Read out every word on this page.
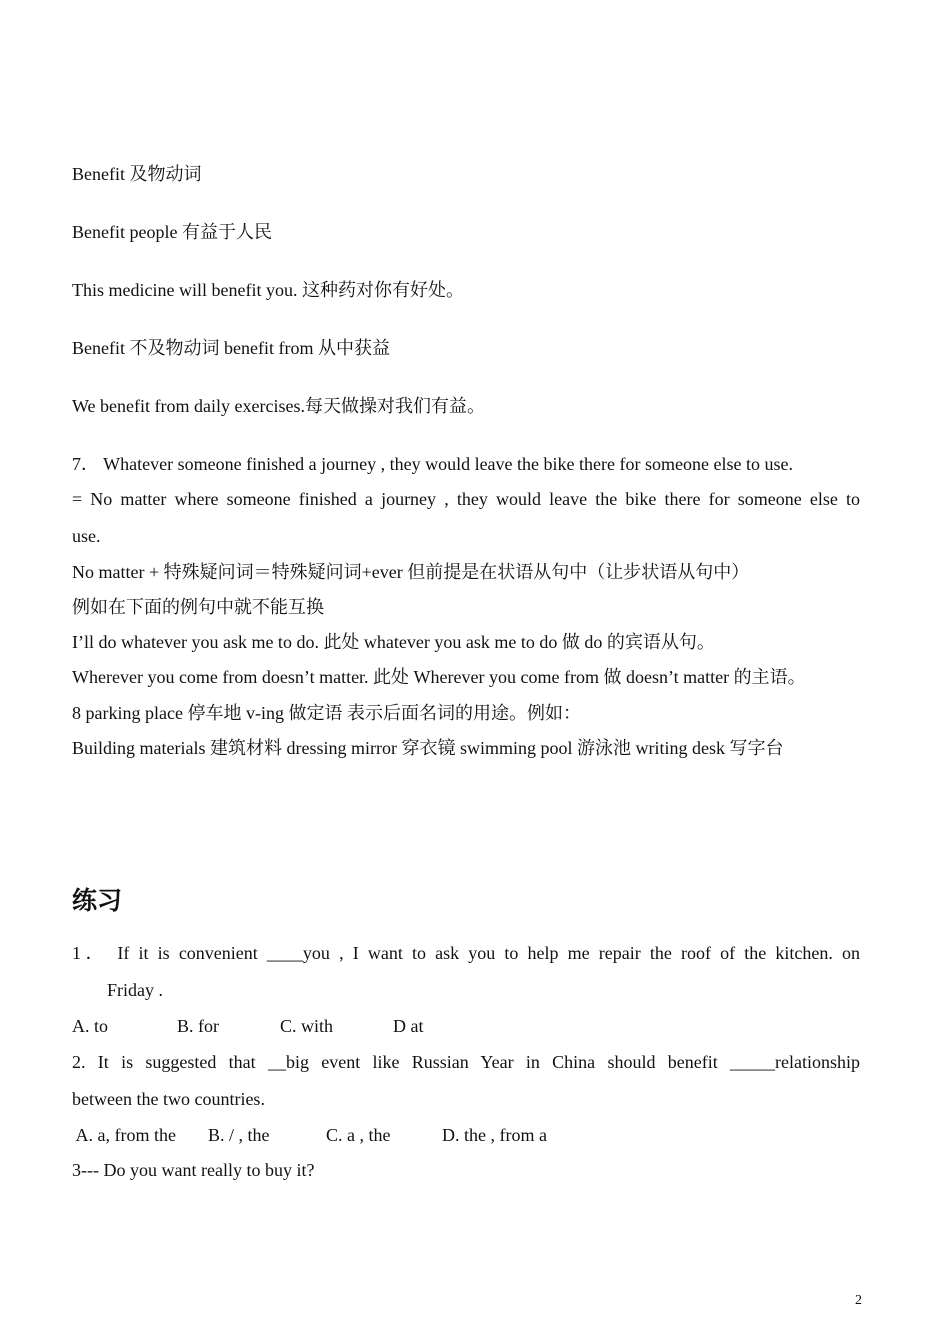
Benefit 及物动词
Benefit people 有益于人民
This medicine will benefit you. 这种药对你有好处。
Benefit 不及物动词 benefit from 从中获益
We benefit from daily exercises.每天做操对我们有益。
7． Whatever someone finished a journey , they would leave the bike there for someone else to use.
= No matter where someone finished a journey , they would leave the bike there for someone else to
use.
No matter + 特殊疑问词＝特殊疑问词+ever 但前提是在状语从句中（让步状语从句中）
例如在下面的例句中就不能互换
I’ll do whatever you ask me to do. 此处 whatever you ask me to do 做 do 的宾语从句。
Wherever you come from doesn’t matter. 此处 Wherever you come from 做 doesn’t matter 的主语。
8 parking place 停车地 v-ing 做定语 表示后面名词的用途。例如：
Building materials 建筑材料 dressing mirror 穿衣镜 swimming pool 游泳池 writing desk 写字台
练习
1． If it is convenient ____you , I want to ask you to help me repair the roof of the kitchen. on
Friday .
A. to	B. for	C. with	D at
2. It is suggested that __big event like Russian Year in China should benefit _____relationship
between the two countries.
A. a, from the B. / , the	C. a , the	D. the , from a
3--- Do you want really to buy it?
2
